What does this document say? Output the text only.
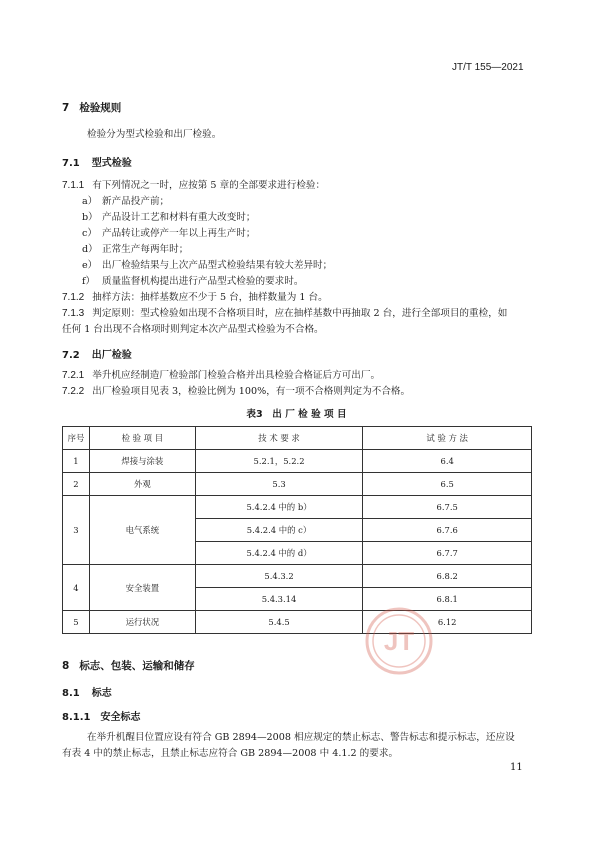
JT/T 155—2021
7 检验规则
检验分为型式检验和出厂检验。
7.1 型式检验
7.1.1 有下列情况之一时，应按第 5 章的全部要求进行检验：
a） 新产品投产前；
b） 产品设计工艺和材料有重大改变时；
c） 产品转让或停产一年以上再生产时；
d） 正常生产每两年时；
e） 出厂检验结果与上次产品型式检验结果有较大差异时；
f） 质量监督机构提出进行产品型式检验的要求时。
7.1.2 抽样方法：抽样基数应不少于 5 台，抽样数量为 1 台。
7.1.3 判定原则：型式检验如出现不合格项目时，应在抽样基数中再抽取 2 台，进行全部项目的重检，如
任何 1 台出现不合格项时则判定本次产品型式检验为不合格。
7.2 出厂检验
7.2.1 举升机应经制造厂检验部门检验合格并出具检验合格证后方可出厂。
7.2.2 出厂检验项目见表 3，检验比例为 100%，有一项不合格则判定为不合格。
表3　出 厂 检 验 项 目
序号	检 验 项 目	技 术 要 求	试 验 方 法
1	焊接与涂装	5.2.1，5.2.2	6.4
2	外观	5.3	6.5
3	电气系统	5.4.2.4 中的 b）	6.7.5
		5.4.2.4 中的 c）	6.7.6
		5.4.2.4 中的 d）	6.7.7
4	安全装置	5.4.3.2	6.8.2
		5.4.3.14	6.8.1
5	运行状况	5.4.5	6.12
JT
8 标志、包装、运输和储存
8.1 标志
8.1.1 安全标志
在举升机醒目位置应设有符合 GB 2894—2008 相应规定的禁止标志、警告标志和提示标志，还应设
有表 4 中的禁止标志，且禁止标志应符合 GB 2894—2008 中 4.1.2 的要求。
11
